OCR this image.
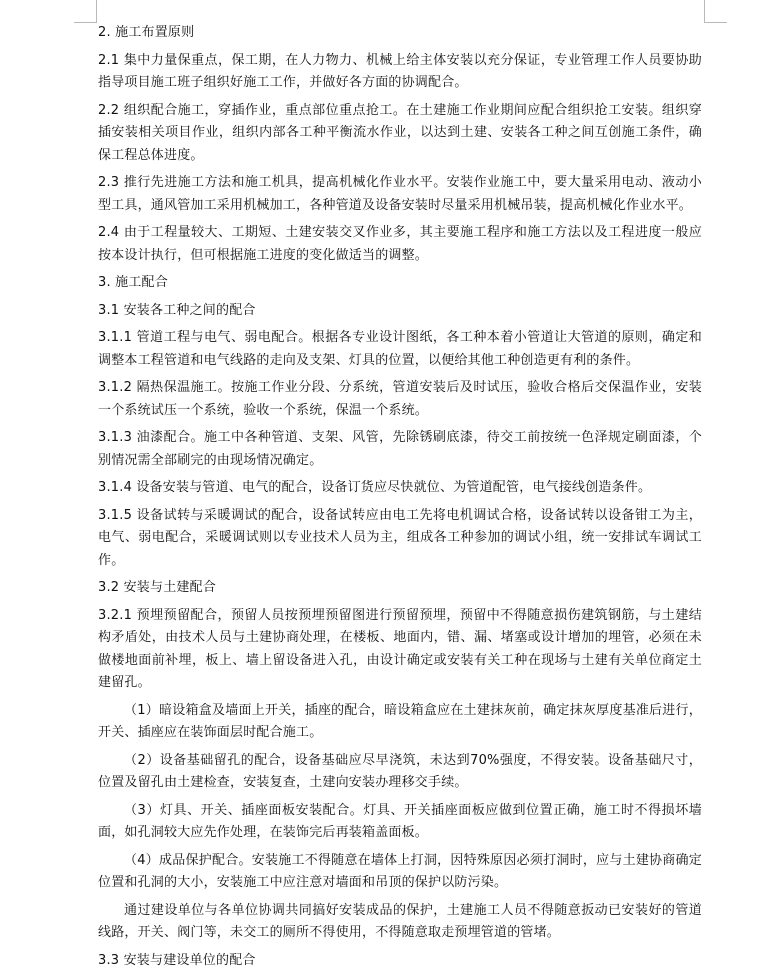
2. 施工布置原则

2.1 集中力量保重点，保工期，在人力物力、机械上给主体安装以充分保证，专业管理工作人员要协助指导项目施工班子组织好施工工作，并做好各方面的协调配合。

2.2 组织配合施工，穿插作业，重点部位重点抢工。在土建施工作业期间应配合组织抢工安装。组织穿插安装相关项目作业，组织内部各工种平衡流水作业，以达到土建、安装各工种之间互创施工条件，确保工程总体进度。

2.3 推行先进施工方法和施工机具，提高机械化作业水平。安装作业施工中，要大量采用电动、液动小型工具，通风管加工采用机械加工，各种管道及设备安装时尽量采用机械吊装，提高机械化作业水平。

2.4 由于工程量较大、工期短、土建安装交叉作业多，其主要施工程序和施工方法以及工程进度一般应按本设计执行，但可根据施工进度的变化做适当的调整。

3. 施工配合

3.1 安装各工种之间的配合

3.1.1 管道工程与电气、弱电配合。根据各专业设计图纸，各工种本着小管道让大管道的原则，确定和调整本工程管道和电气线路的走向及支架、灯具的位置，以便给其他工种创造更有利的条件。

3.1.2 隔热保温施工。按施工作业分段、分系统，管道安装后及时试压，验收合格后交保温作业，安装一个系统试压一个系统，验收一个系统，保温一个系统。

3.1.3 油漆配合。施工中各种管道、支架、风管，先除锈刷底漆，待交工前按统一色泽规定刷面漆，个别情况需全部刷完的由现场情况确定。

3.1.4 设备安装与管道、电气的配合，设备订货应尽快就位、为管道配管，电气接线创造条件。

3.1.5 设备试转与采暖调试的配合，设备试转应由电工先将电机调试合格，设备试转以设备钳工为主，电气、弱电配合，采暖调试则以专业技术人员为主，组成各工种参加的调试小组，统一安排试车调试工作。

3.2 安装与土建配合

3.2.1 预埋预留配合，预留人员按预埋预留图进行预留预埋，预留中不得随意损伤建筑钢筋，与土建结构矛盾处，由技术人员与土建协商处理，在楼板、地面内，错、漏、堵塞或设计增加的埋管，必须在未做楼地面前补埋，板上、墙上留设备进入孔，由设计确定或安装有关工种在现场与土建有关单位商定土建留孔。

（1）暗设箱盒及墙面上开关，插座的配合，暗设箱盒应在土建抹灰前，确定抹灰厚度基准后进行，开关、插座应在装饰面层时配合施工。

（2）设备基础留孔的配合，设备基础应尽早浇筑，未达到70%强度，不得安装。设备基础尺寸，位置及留孔由土建检查，安装复查，土建向安装办理移交手续。

（3）灯具、开关、插座面板安装配合。灯具、开关插座面板应做到位置正确，施工时不得损坏墙面，如孔洞较大应先作处理，在装饰完后再装箱盖面板。

（4）成品保护配合。安装施工不得随意在墙体上打洞，因特殊原因必须打洞时，应与土建协商确定位置和孔洞的大小，安装施工中应注意对墙面和吊顶的保护以防污染。

通过建设单位与各单位协调共同搞好安装成品的保护，土建施工人员不得随意扳动已安装好的管道线路，开关、阀门等，未交工的厕所不得使用，不得随意取走预埋管道的管堵。

3.3 安装与建设单位的配合
